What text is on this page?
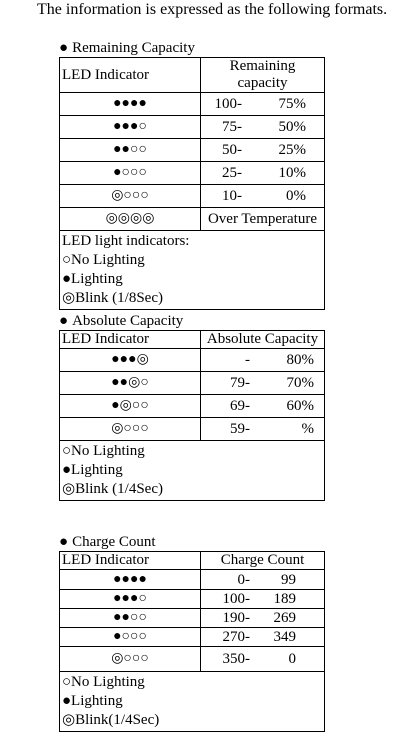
The information is expressed as the following formats.
● Remaining Capacity
LED Indicator	Remaining capacity
●●●●	100- 75%
●●●○	75- 50%
●●○○	50- 25%
●○○○	25- 10%
◎○○○	10- 0%
◎◎◎◎	Over Temperature

LED light indicators:
○No Lighting
●Lighting
◎Blink (1/8Sec)	
● Absolute Capacity
LED Indicator	Absolute Capacity
●●●◎	- 80%
●●◎○	79- 70%
●◎○○	69- 60%
◎○○○	59- %

○No Lighting
●Lighting
◎Blink (1/4Sec)	
● Charge Count
LED Indicator	Charge Count
●●●●	0- 99
●●●○	100- 189
●●○○	190- 269
●○○○	270- 349
◎○○○	350- 0

○No Lighting
●Lighting
◎Blink(1/4Sec)	
